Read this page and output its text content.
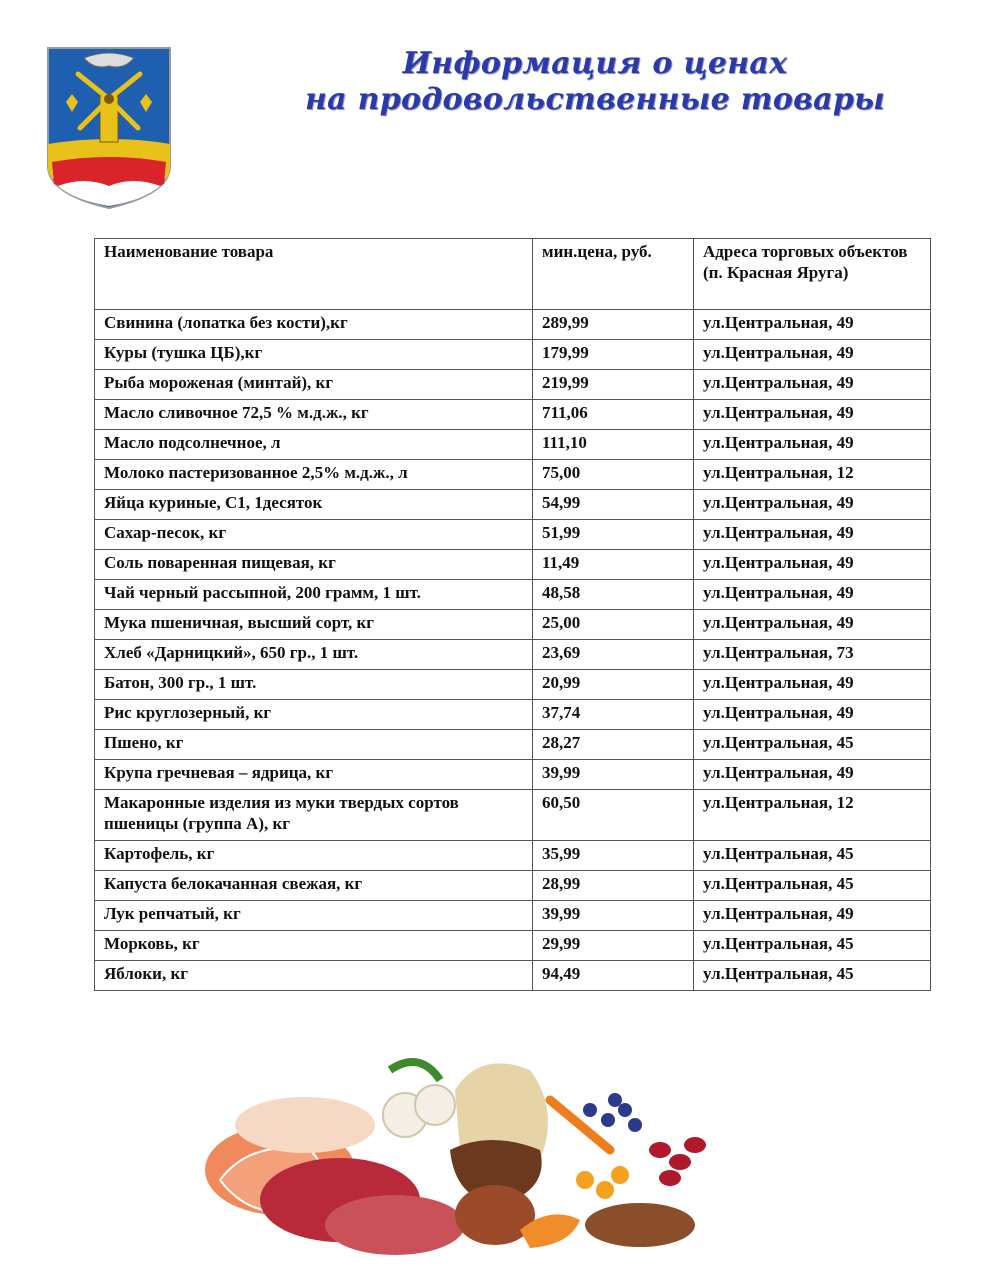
Информация о ценах
на продовольственные товары
Наименование товара	мин.цена, руб.	Адреса торговых объектов
(п. Красная Яруга)

Свинина (лопатка без кости),кг	289,99	ул.Центральная, 49
Куры (тушка ЦБ),кг	179,99	ул.Центральная, 49
Рыба мороженая (минтай), кг	219,99	ул.Центральная, 49
Масло сливочное 72,5 % м.д.ж., кг	711,06	ул.Центральная, 49
Масло подсолнечное, л	111,10	ул.Центральная, 49
Молоко пастеризованное 2,5% м.д.ж., л	75,00	ул.Центральная, 12
Яйца куриные, С1, 1десяток	54,99	ул.Центральная, 49
Сахар-песок, кг	51,99	ул.Центральная, 49
Соль поваренная пищевая, кг	11,49	ул.Центральная, 49
Чай черный рассыпной, 200 грамм, 1 шт.	48,58	ул.Центральная, 49
Мука пшеничная, высший сорт, кг	25,00	ул.Центральная, 49
Хлеб «Дарницкий», 650 гр., 1 шт.	23,69	ул.Центральная, 73
Батон, 300 гр., 1 шт.	20,99	ул.Центральная, 49
Рис круглозерный, кг	37,74	ул.Центральная, 49
Пшено, кг	28,27	ул.Центральная, 45
Крупа гречневая – ядрица, кг	39,99	ул.Центральная, 49
Макаронные изделия из муки твердых сортов пшеницы (группа А), кг	60,50	ул.Центральная, 12
Картофель, кг	35,99	ул.Центральная, 45
Капуста белокачанная свежая, кг	28,99	ул.Центральная, 45
Лук репчатый, кг	39,99	ул.Центральная, 49
Морковь, кг	29,99	ул.Центральная, 45
Яблоки, кг	94,49	ул.Центральная, 45
